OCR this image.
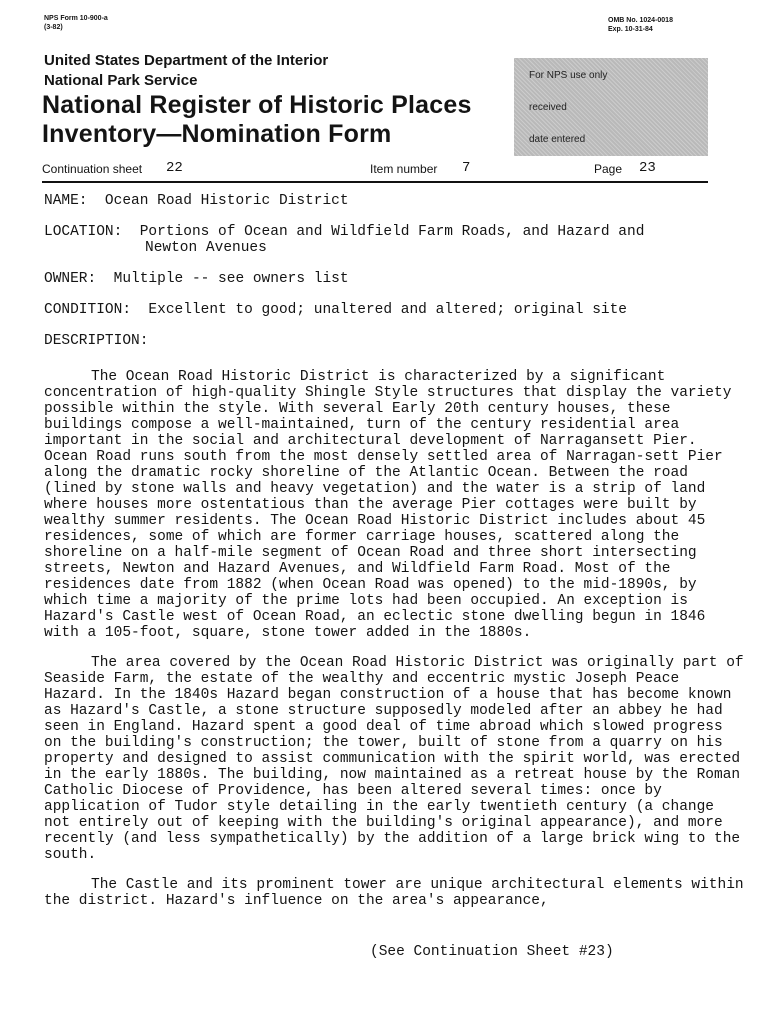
NPS Form 10-900-a
(3-82)
OMB No. 1024-0018
Exp. 10-31-84
United States Department of the Interior
National Park Service
National Register of Historic Places
Inventory—Nomination Form
For NPS use only
received
date entered
Continuation sheet 22	Item number 7	Page 23
NAME: Ocean Road Historic District
LOCATION: Portions of Ocean and Wildfield Farm Roads, and Hazard and
Newton Avenues
OWNER: Multiple -- see owners list
CONDITION: Excellent to good; unaltered and altered; original site
DESCRIPTION:

The Ocean Road Historic District is characterized by a significant concentration of high-quality Shingle Style structures that display the variety possible within the style. With several Early 20th century houses, these buildings compose a well-maintained, turn of the century residential area important in the social and architectural development of Narragansett Pier. Ocean Road runs south from the most densely settled area of Narragan-sett Pier along the dramatic rocky shoreline of the Atlantic Ocean. Between the road (lined by stone walls and heavy vegetation) and the water is a strip of land where houses more ostentatious than the average Pier cottages were built by wealthy summer residents. The Ocean Road Historic District includes about 45 residences, some of which are former carriage houses, scattered along the shoreline on a half-mile segment of Ocean Road and three short intersecting streets, Newton and Hazard Avenues, and Wildfield Farm Road. Most of the residences date from 1882 (when Ocean Road was opened) to the mid-1890s, by which time a majority of the prime lots had been occupied. An exception is Hazard's Castle west of Ocean Road, an eclectic stone dwelling begun in 1846 with a 105-foot, square, stone tower added in the 1880s.

The area covered by the Ocean Road Historic District was originally part of Seaside Farm, the estate of the wealthy and eccentric mystic Joseph Peace Hazard. In the 1840s Hazard began construction of a house that has become known as Hazard's Castle, a stone structure supposedly modeled after an abbey he had seen in England. Hazard spent a good deal of time abroad which slowed progress on the building's construction; the tower, built of stone from a quarry on his property and designed to assist communication with the spirit world, was erected in the early 1880s. The building, now maintained as a retreat house by the Roman Catholic Diocese of Providence, has been altered several times: once by application of Tudor style detailing in the early twentieth century (a change not entirely out of keeping with the building's original appearance), and more recently (and less sympathetically) by the addition of a large brick wing to the south.

The Castle and its prominent tower are unique architectural elements within the district. Hazard's influence on the area's appearance,

(See Continuation Sheet #23)
